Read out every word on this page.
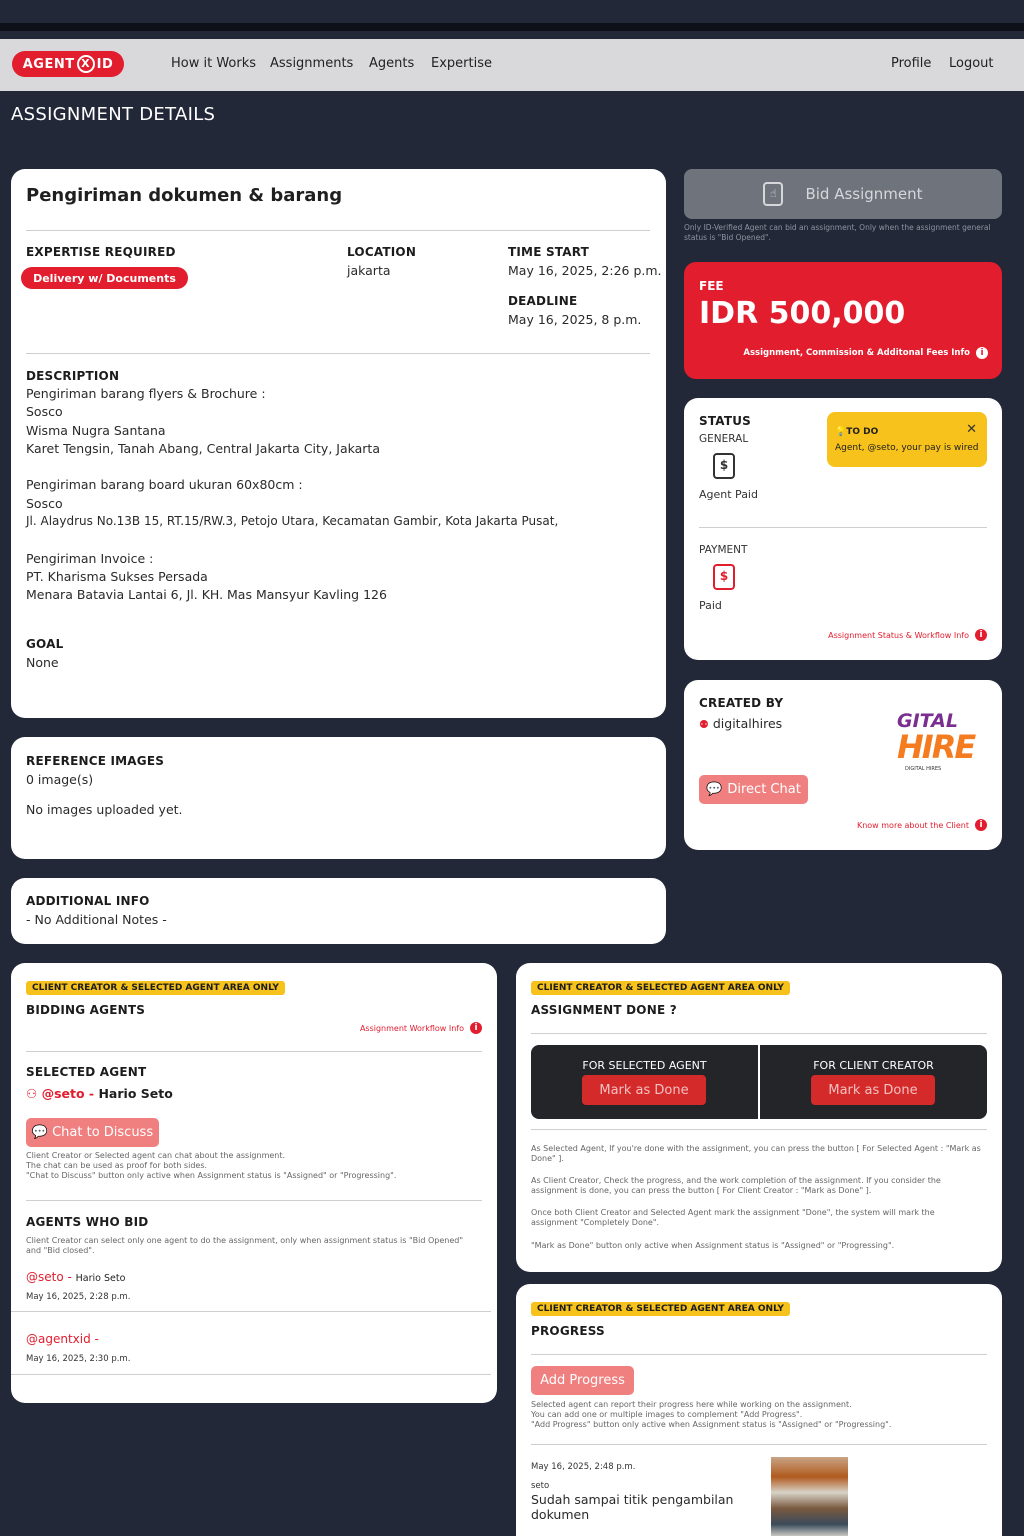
AGENT X ID	How it Works Assignments Agents Expertise	Profile Logout
ASSIGNMENT DETAILS
Pengiriman dokumen & barang
EXPERTISE REQUIRED
Delivery w/ Documents
LOCATION
jakarta
TIME START
May 16, 2025, 2:26 p.m.
DEADLINE
May 16, 2025, 8 p.m.
DESCRIPTION
Pengiriman barang flyers & Brochure :
Sosco
Wisma Nugra Santana
Karet Tengsin, Tanah Abang, Central Jakarta City, Jakarta
Pengiriman barang board ukuran 60x80cm :
Sosco
Jl. Alaydrus No.13B 15, RT.15/RW.3, Petojo Utara, Kecamatan Gambir, Kota Jakarta Pusat,
Pengiriman Invoice :
PT. Kharisma Sukses Persada
Menara Batavia Lantai 6, Jl. KH. Mas Mansyur Kavling 126
GOAL
None
REFERENCE IMAGES
0 image(s)
No images uploaded yet.
ADDITIONAL INFO
- No Additional Notes -
☝	Bid Assignment
Only ID-Verified Agent can bid an assignment, Only when the assignment general status is "Bid Opened".
FEE
IDR 500,000
Assignment, Commission & Additonal Fees Info	i
STATUS
GENERAL
$
Agent Paid
💡TO DO	✕
Agent, @seto, your pay is wired
PAYMENT
$
Paid
Assignment Status & Workflow Info	i
CREATED BY
⚉ digitalhires	GITAL
HIRE
DIGITAL HIRES
💬 Direct Chat
Know more about the Client	i
CLIENT CREATOR & SELECTED AGENT AREA ONLY
BIDDING AGENTS
Assignment Workflow Info	i
SELECTED AGENT
⚇ @seto - Hario Seto
💬 Chat to Discuss
Client Creator or Selected agent can chat about the assignment.
The chat can be used as proof for both sides.
"Chat to Discuss" button only active when Assignment status is "Assigned" or "Progressing".
AGENTS WHO BID
Client Creator can select only one agent to do the assignment, only when assignment status is "Bid Opened" and "Bid closed".
@seto - Hario Seto
May 16, 2025, 2:28 p.m.
@agentxid -
May 16, 2025, 2:30 p.m.
CLIENT CREATOR & SELECTED AGENT AREA ONLY
ASSIGNMENT DONE ?
FOR SELECTED AGENT
Mark as Done
FOR CLIENT CREATOR
Mark as Done
As Selected Agent, If you're done with the assignment, you can press the button [ For Selected Agent : "Mark as Done" ].
As Client Creator, Check the progress, and the work completion of the assignment. If you consider the assignment is done, you can press the button [ For Client Creator : "Mark as Done" ].
Once both Client Creator and Selected Agent mark the assignment "Done", the system will mark the assignment "Completely Done".
"Mark as Done" button only active when Assignment status is "Assigned" or "Progressing".
CLIENT CREATOR & SELECTED AGENT AREA ONLY
PROGRESS
Add Progress
Selected agent can report their progress here while working on the assignment.
You can add one or multiple images to complement "Add Progress".
"Add Progress" button only active when Assignment status is "Assigned" or "Progressing".
May 16, 2025, 2:48 p.m.
seto
Sudah sampai titik pengambilan dokumen
